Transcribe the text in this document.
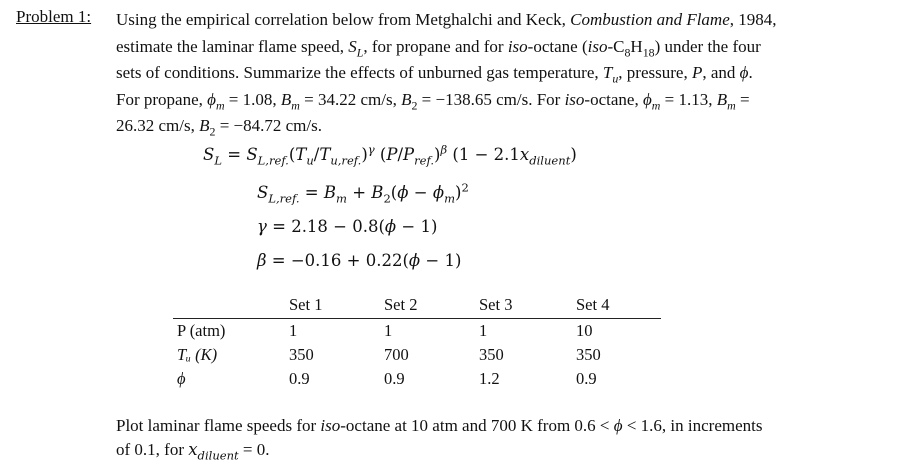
Problem 1: Using the empirical correlation below from Metghalchi and Keck, Combustion and Flame, 1984,

estimate the laminar flame speed, $S_L$, for propane and for iso-octane $(iso-C_8H_{18})$ under the four

sets of conditions. Summarize the effects of unburned gas temperature, $T_u$, pressure, P, and ϕ.

For propane, $\phi_m = 1.08$, $B_m = 34.22$ cm/s, $B_2 = -138.65$ cm/s. For iso-octane, $\phi_m = 1.13$, $B_m$ =

26.32 cm/s, $B_2 = -84.72$ cm/s.

$S_L = S_{L,ref.}(T_u/T_{u,ref.})^\gamma$ $(P/P_{ref.})^\beta$ $(1 - 2.1x_{diluent})$
$S_{L,ref.} = B_m + B_2(\phi - \phi_m)^2$
γ = 2.18 − 0.8(ϕ − 1)
β = −0.16 + 0.22(ϕ − 1)
	Set 1	Set 2	Set 3	Set 4
P (atm)	1	1	1	10
Tᵤ (K)	350	700	350	350
ϕ	0.9	0.9	1.2	0.9

Plot laminar flame speeds for iso-octane at 10 atm and 700 K from 0.6 < ϕ < 1.6, in increments

of 0.1, for $x_{diluent} = 0$.
